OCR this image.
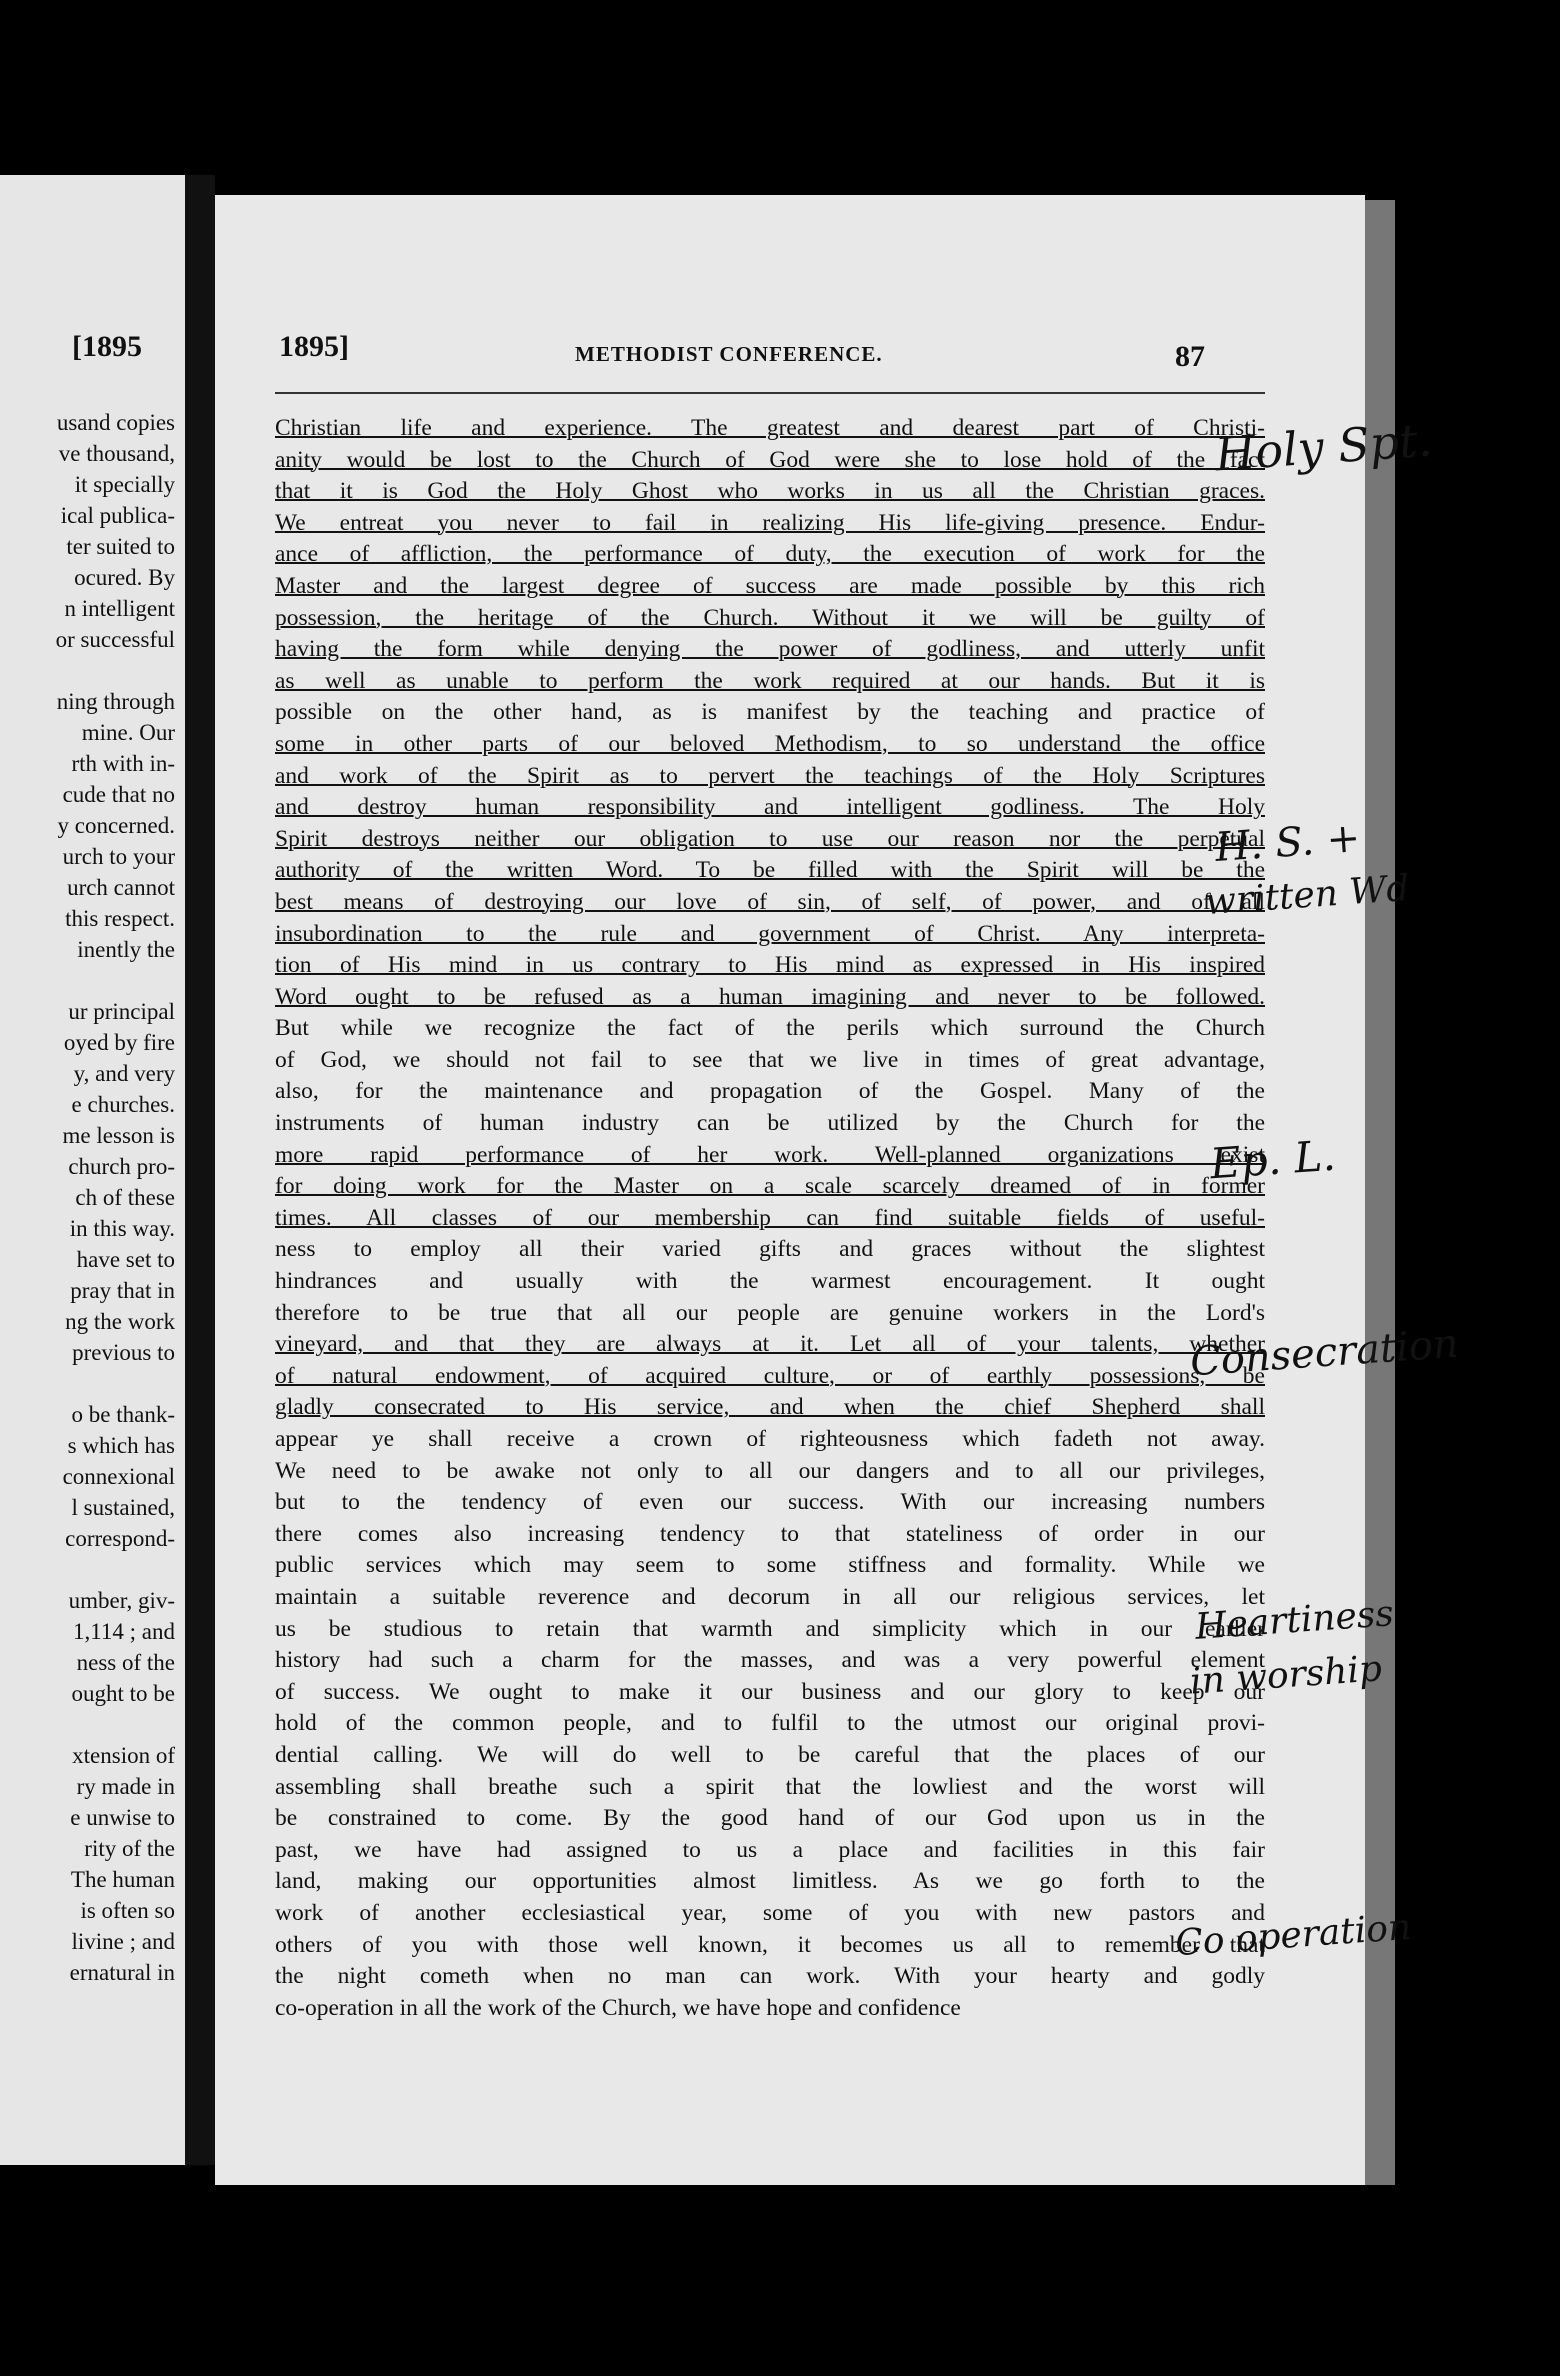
[1895
usand copies
ve thousand,
it specially
ical publica-
ter suited to
ocured. By
n intelligent
or successful

ning through
mine. Our
rth with in-
cude that no
y concerned.
urch to your
urch cannot
this respect.
inently the

ur principal
oyed by fire
y, and very
e churches.
me lesson is
church pro-
ch of these
in this way.
have set to
pray that in
ng the work
previous to

o be thank-
s which has
connexional
l sustained,
correspond-

umber, giv-
1,114 ; and
ness of the
ought to be

xtension of
ry made in
e unwise to
rity of the
The human
is often so
livine ; and
ernatural in
1895]	METHODIST CONFERENCE.	87
Christian life and experience. The greatest and dearest part of Christi-
anity would be lost to the Church of God were she to lose hold of the fact
that it is God the Holy Ghost who works in us all the Christian graces.
We entreat you never to fail in realizing His life-giving presence. Endur-
ance of affliction, the performance of duty, the execution of work for the
Master and the largest degree of success are made possible by this rich
possession, the heritage of the Church. Without it we will be guilty of
having the form while denying the power of godliness, and utterly unfit
as well as unable to perform the work required at our hands. But it is
possible on the other hand, as is manifest by the teaching and practice of
some in other parts of our beloved Methodism, to so understand the office
and work of the Spirit as to pervert the teachings of the Holy Scriptures
and destroy human responsibility and intelligent godliness. The Holy
Spirit destroys neither our obligation to use our reason nor the perpetual
authority of the written Word. To be filled with the Spirit will be the
best means of destroying our love of sin, of self, of power, and of all
insubordination to the rule and government of Christ. Any interpreta-
tion of His mind in us contrary to His mind as expressed in His inspired
Word ought to be refused as a human imagining and never to be followed.
But while we recognize the fact of the perils which surround the Church
of God, we should not fail to see that we live in times of great advantage,
also, for the maintenance and propagation of the Gospel. Many of the
instruments of human industry can be utilized by the Church for the
more rapid performance of her work. Well-planned organizations exist
for doing work for the Master on a scale scarcely dreamed of in former
times. All classes of our membership can find suitable fields of useful-
ness to employ all their varied gifts and graces without the slightest
hindrances and usually with the warmest encouragement. It ought
therefore to be true that all our people are genuine workers in the Lord's
vineyard, and that they are always at it. Let all of your talents, whether
of natural endowment, of acquired culture, or of earthly possessions, be
gladly consecrated to His service, and when the chief Shepherd shall
appear ye shall receive a crown of righteousness which fadeth not away.
We need to be awake not only to all our dangers and to all our privileges,
but to the tendency of even our success. With our increasing numbers
there comes also increasing tendency to that stateliness of order in our
public services which may seem to some stiffness and formality. While we
maintain a suitable reverence and decorum in all our religious services, let
us be studious to retain that warmth and simplicity which in our earlier
history had such a charm for the masses, and was a very powerful element
of success. We ought to make it our business and our glory to keep our
hold of the common people, and to fulfil to the utmost our original provi-
dential calling. We will do well to be careful that the places of our
assembling shall breathe such a spirit that the lowliest and the worst will
be constrained to come. By the good hand of our God upon us in the
past, we have had assigned to us a place and facilities in this fair
land, making our opportunities almost limitless. As we go forth to the
work of another ecclesiastical year, some of you with new pastors and
others of you with those well known, it becomes us all to remember that
the night cometh when no man can work. With your hearty and godly
co-operation in all the work of the Church, we have hope and confidence
Holy Spt.
H. S. +
written Wd
Ep. L.
Consecration
Heartiness
in worship
Co operation
